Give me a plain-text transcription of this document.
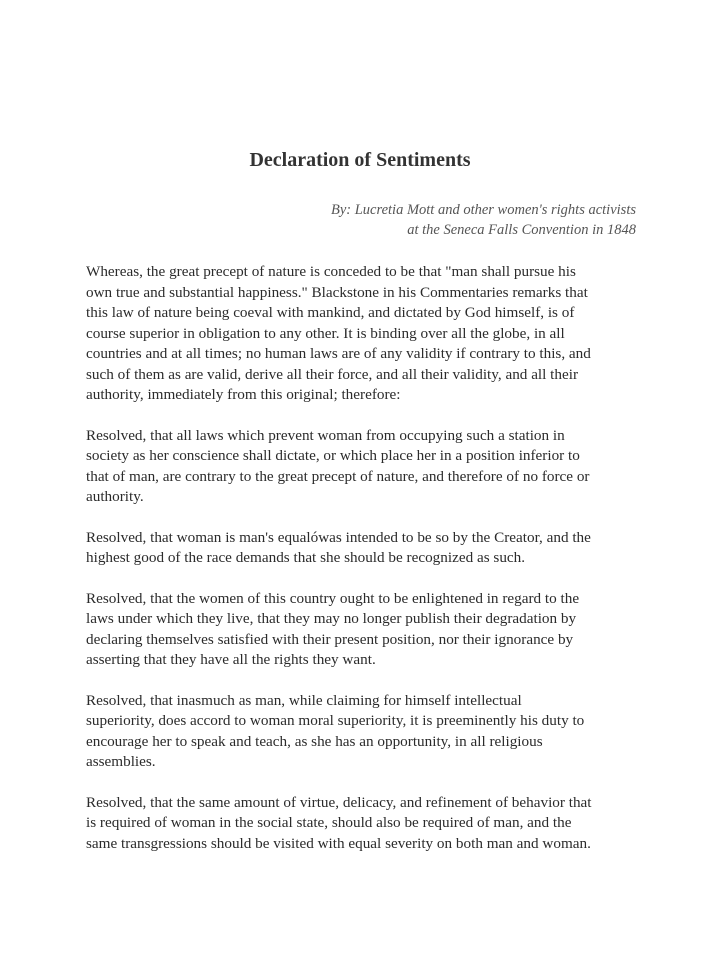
Declaration of Sentiments

By: Lucretia Mott and other women's rights activists
at the Seneca Falls Convention in 1848

Whereas, the great precept of nature is conceded to be that "man shall pursue his
own true and substantial happiness." Blackstone in his Commentaries remarks that
this law of nature being coeval with mankind, and dictated by God himself, is of
course superior in obligation to any other. It is binding over all the globe, in all
countries and at all times; no human laws are of any validity if contrary to this, and
such of them as are valid, derive all their force, and all their validity, and all their
authority, immediately from this original; therefore:

Resolved, that all laws which prevent woman from occupying such a station in
society as her conscience shall dictate, or which place her in a position inferior to
that of man, are contrary to the great precept of nature, and therefore of no force or
authority.

Resolved, that woman is man's equalówas intended to be so by the Creator, and the
highest good of the race demands that she should be recognized as such.

Resolved, that the women of this country ought to be enlightened in regard to the
laws under which they live, that they may no longer publish their degradation by
declaring themselves satisfied with their present position, nor their ignorance by
asserting that they have all the rights they want.

Resolved, that inasmuch as man, while claiming for himself intellectual
superiority, does accord to woman moral superiority, it is preeminently his duty to
encourage her to speak and teach, as she has an opportunity, in all religious
assemblies.

Resolved, that the same amount of virtue, delicacy, and refinement of behavior that
is required of woman in the social state, should also be required of man, and the
same transgressions should be visited with equal severity on both man and woman.
